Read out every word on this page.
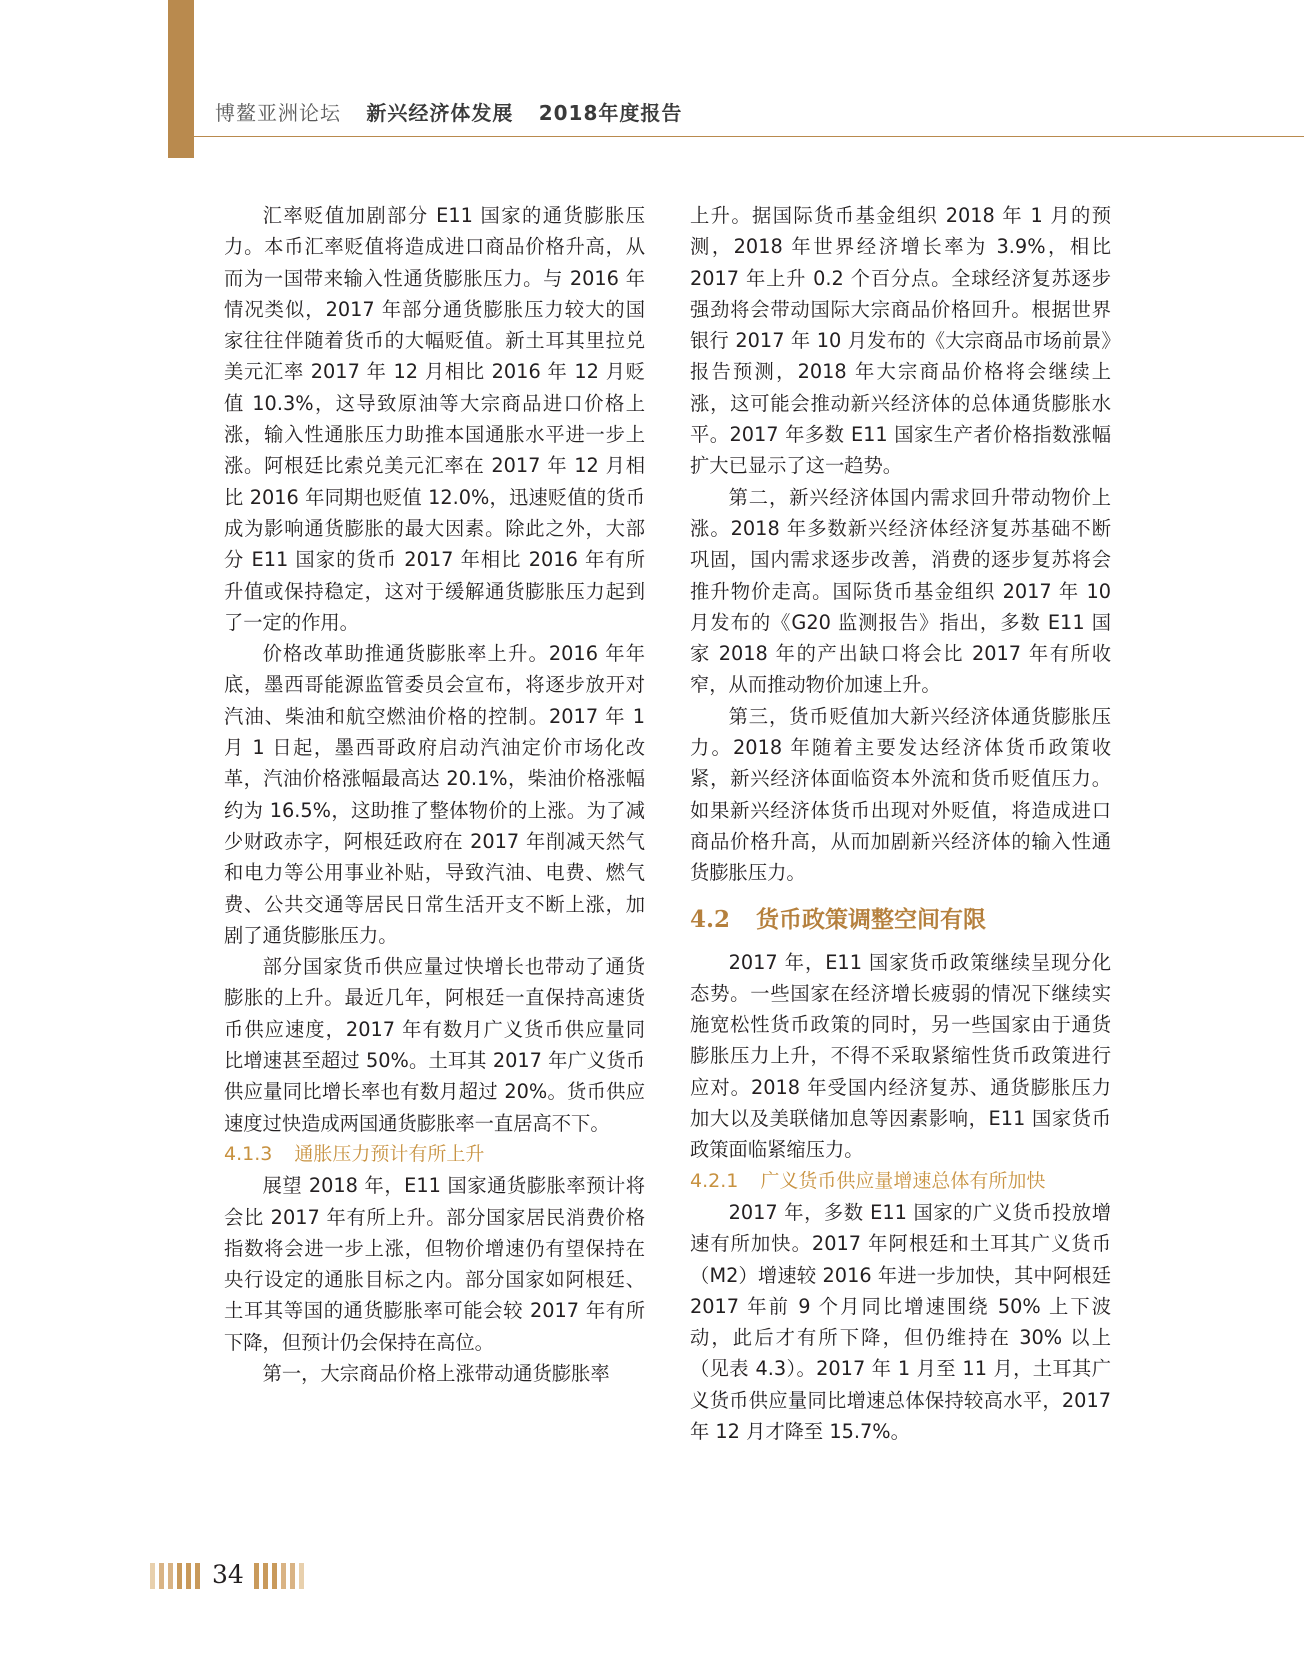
博鳌亚洲论坛 新兴经济体发展 2018年度报告

汇率贬值加剧部分 E11 国家的通货膨胀压力。本币汇率贬值将造成进口商品价格升高，从而为一国带来输入性通货膨胀压力。与 2016 年情况类似，2017 年部分通货膨胀压力较大的国家往往伴随着货币的大幅贬值。新土耳其里拉兑美元汇率 2017 年 12 月相比 2016 年 12 月贬值 10.3%，这导致原油等大宗商品进口价格上涨，输入性通胀压力助推本国通胀水平进一步上涨。阿根廷比索兑美元汇率在 2017 年 12 月相比 2016 年同期也贬值 12.0%，迅速贬值的货币成为影响通货膨胀的最大因素。除此之外，大部分 E11 国家的货币 2017 年相比 2016 年有所升值或保持稳定，这对于缓解通货膨胀压力起到了一定的作用。

价格改革助推通货膨胀率上升。2016 年年底，墨西哥能源监管委员会宣布，将逐步放开对汽油、柴油和航空燃油价格的控制。2017 年 1 月 1 日起，墨西哥政府启动汽油定价市场化改革，汽油价格涨幅最高达 20.1%，柴油价格涨幅约为 16.5%，这助推了整体物价的上涨。为了减少财政赤字，阿根廷政府在 2017 年削减天然气和电力等公用事业补贴，导致汽油、电费、燃气费、公共交通等居民日常生活开支不断上涨，加剧了通货膨胀压力。

部分国家货币供应量过快增长也带动了通货膨胀的上升。最近几年，阿根廷一直保持高速货币供应速度，2017 年有数月广义货币供应量同比增速甚至超过 50%。土耳其 2017 年广义货币供应量同比增长率也有数月超过 20%。货币供应速度过快造成两国通货膨胀率一直居高不下。

4.1.3 通胀压力预计有所上升

展望 2018 年，E11 国家通货膨胀率预计将会比 2017 年有所上升。部分国家居民消费价格指数将会进一步上涨，但物价增速仍有望保持在央行设定的通胀目标之内。部分国家如阿根廷、土耳其等国的通货膨胀率可能会较 2017 年有所下降，但预计仍会保持在高位。

第一，大宗商品价格上涨带动通货膨胀率

上升。据国际货币基金组织 2018 年 1 月的预测，2018 年世界经济增长率为 3.9%，相比 2017 年上升 0.2 个百分点。全球经济复苏逐步强劲将会带动国际大宗商品价格回升。根据世界银行 2017 年 10 月发布的《大宗商品市场前景》报告预测，2018 年大宗商品价格将会继续上涨，这可能会推动新兴经济体的总体通货膨胀水平。2017 年多数 E11 国家生产者价格指数涨幅扩大已显示了这一趋势。

第二，新兴经济体国内需求回升带动物价上涨。2018 年多数新兴经济体经济复苏基础不断巩固，国内需求逐步改善，消费的逐步复苏将会推升物价走高。国际货币基金组织 2017 年 10 月发布的《G20 监测报告》指出，多数 E11 国家 2018 年的产出缺口将会比 2017 年有所收窄，从而推动物价加速上升。

第三，货币贬值加大新兴经济体通货膨胀压力。2018 年随着主要发达经济体货币政策收紧，新兴经济体面临资本外流和货币贬值压力。如果新兴经济体货币出现对外贬值，将造成进口商品价格升高，从而加剧新兴经济体的输入性通货膨胀压力。

4.2 货币政策调整空间有限

2017 年，E11 国家货币政策继续呈现分化态势。一些国家在经济增长疲弱的情况下继续实施宽松性货币政策的同时，另一些国家由于通货膨胀压力上升，不得不采取紧缩性货币政策进行应对。2018 年受国内经济复苏、通货膨胀压力加大以及美联储加息等因素影响，E11 国家货币政策面临紧缩压力。

4.2.1 广义货币供应量增速总体有所加快

2017 年，多数 E11 国家的广义货币投放增速有所加快。2017 年阿根廷和土耳其广义货币（M2）增速较 2016 年进一步加快，其中阿根廷 2017 年前 9 个月同比增速围绕 50% 上下波动，此后才有所下降，但仍维持在 30% 以上（见表 4.3）。2017 年 1 月至 11 月，土耳其广义货币供应量同比增速总体保持较高水平，2017 年 12 月才降至 15.7%。

34
